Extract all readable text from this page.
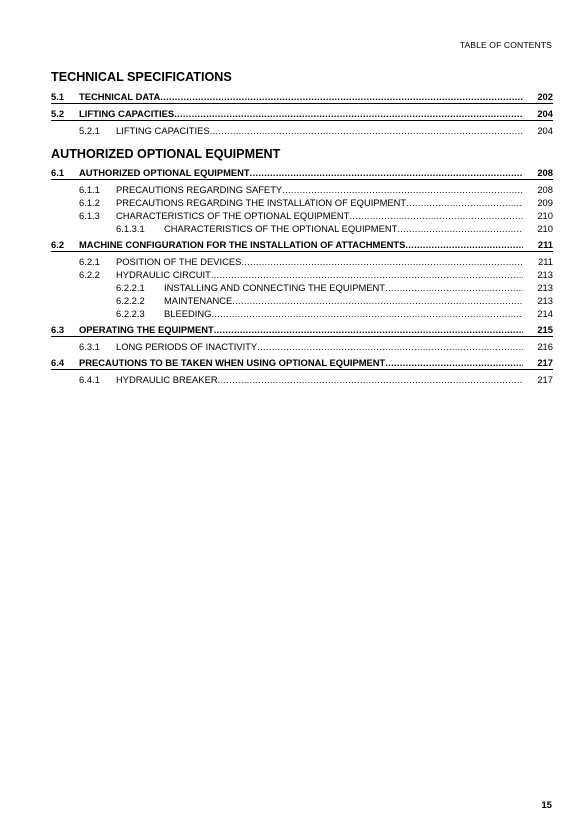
TABLE OF CONTENTS
TECHNICAL SPECIFICATIONS
5.1 TECHNICAL DATA .....	202
5.2 LIFTING CAPACITIES .....	204
5.2.1 LIFTING CAPACITIES .....	204
AUTHORIZED OPTIONAL EQUIPMENT
6.1 AUTHORIZED OPTIONAL EQUIPMENT .....	208
6.1.1 PRECAUTIONS REGARDING SAFETY .....	208
6.1.2 PRECAUTIONS REGARDING THE INSTALLATION OF EQUIPMENT .....	209
6.1.3 CHARACTERISTICS OF THE OPTIONAL EQUIPMENT .....	210
6.1.3.1 CHARACTERISTICS OF THE OPTIONAL EQUIPMENT .....	210
6.2 MACHINE CONFIGURATION FOR THE INSTALLATION OF ATTACHMENTS .....	211
6.2.1 POSITION OF THE DEVICES .....	211
6.2.2 HYDRAULIC CIRCUIT .....	213
6.2.2.1 INSTALLING AND CONNECTING THE EQUIPMENT .....	213
6.2.2.2 MAINTENANCE .....	213
6.2.2.3 BLEEDING .....	214
6.3 OPERATING THE EQUIPMENT .....	215
6.3.1 LONG PERIODS OF INACTIVITY .....	216
6.4 PRECAUTIONS TO BE TAKEN WHEN USING OPTIONAL EQUIPMENT .....	217
6.4.1 HYDRAULIC BREAKER .....	217
15
